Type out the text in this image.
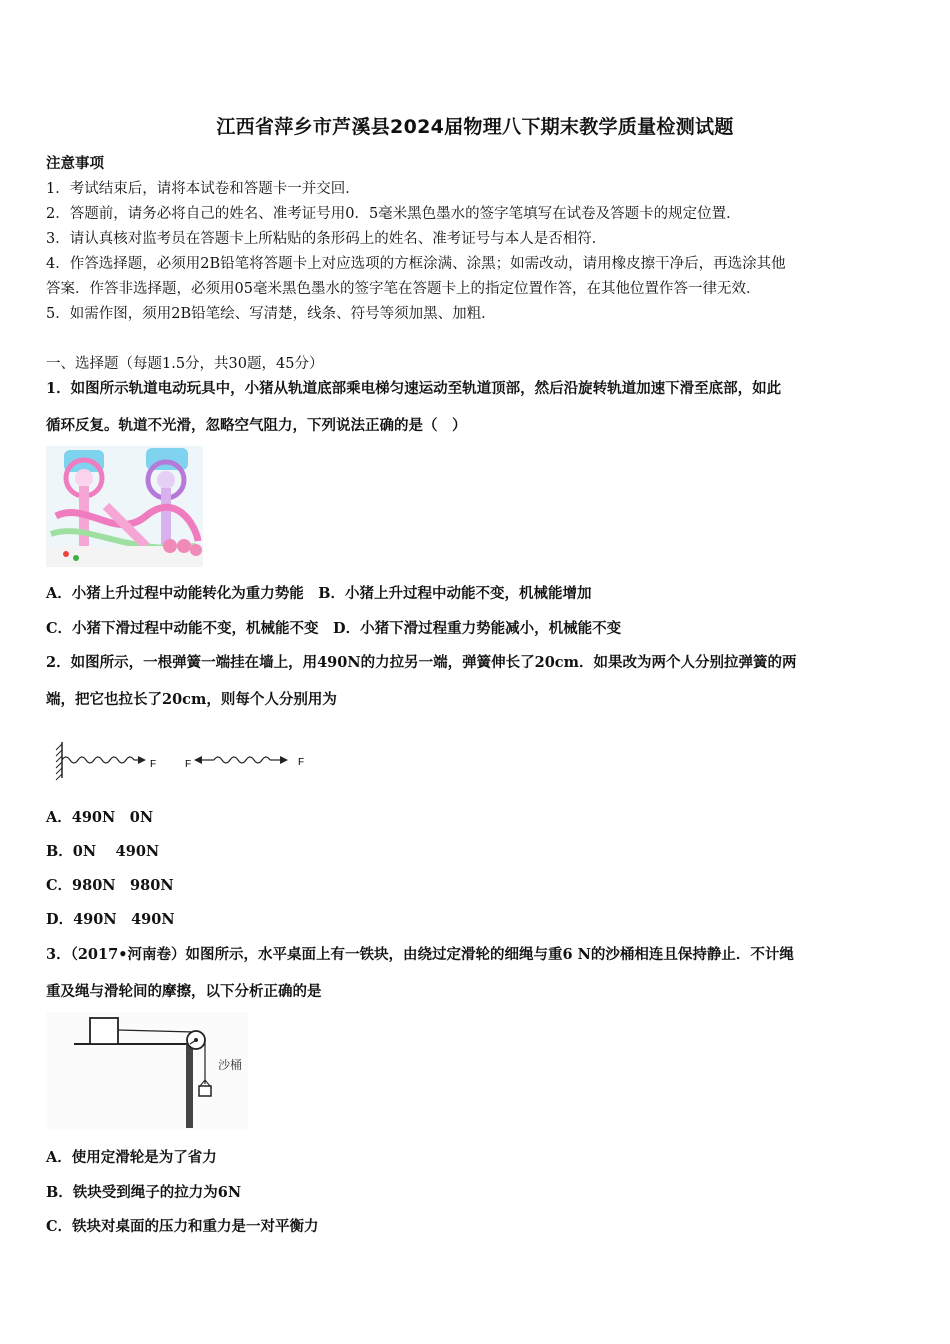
江西省萍乡市芦溪县2024届物理八下期末教学质量检测试题
注意事项
1．考试结束后，请将本试卷和答题卡一并交回．
2．答题前，请务必将自己的姓名、准考证号用0．5毫米黑色墨水的签字笔填写在试卷及答题卡的规定位置．
3．请认真核对监考员在答题卡上所粘贴的条形码上的姓名、准考证号与本人是否相符．
4．作答选择题，必须用2B铅笔将答题卡上对应选项的方框涂满、涂黑；如需改动，请用橡皮擦干净后，再选涂其他
答案．作答非选择题，必须用05毫米黑色墨水的签字笔在答题卡上的指定位置作答，在其他位置作答一律无效．
5．如需作图，须用2B铅笔绘、写清楚，线条、符号等须加黑、加粗．
一、选择题（每题1.5分，共30题，45分）
1．如图所示轨道电动玩具中，小猪从轨道底部乘电梯匀速运动至轨道顶部，然后沿旋转轨道加速下滑至底部，如此
循环反复。轨道不光滑，忽略空气阻力，下列说法正确的是（　）
A．小猪上升过程中动能转化为重力势能　B．小猪上升过程中动能不变，机械能增加
C．小猪下滑过程中动能不变，机械能不变　D．小猪下滑过程重力势能减小，机械能不变
2．如图所示，一根弹簧一端挂在墙上，用490N的力拉另一端，弹簧伸长了20cm．如果改为两个人分别拉弹簧的两
端，把它也拉长了20cm，则每个人分别用为
F	F	F
A．490N　0N
B．0N　 490N
C．980N　980N
D．490N　490N
3．（2017•河南卷）如图所示，水平桌面上有一铁块，由绕过定滑轮的细绳与重6 N的沙桶相连且保持静止．不计绳
重及绳与滑轮间的摩擦，以下分析正确的是
沙桶
A．使用定滑轮是为了省力
B．铁块受到绳子的拉力为6N
C．铁块对桌面的压力和重力是一对平衡力
